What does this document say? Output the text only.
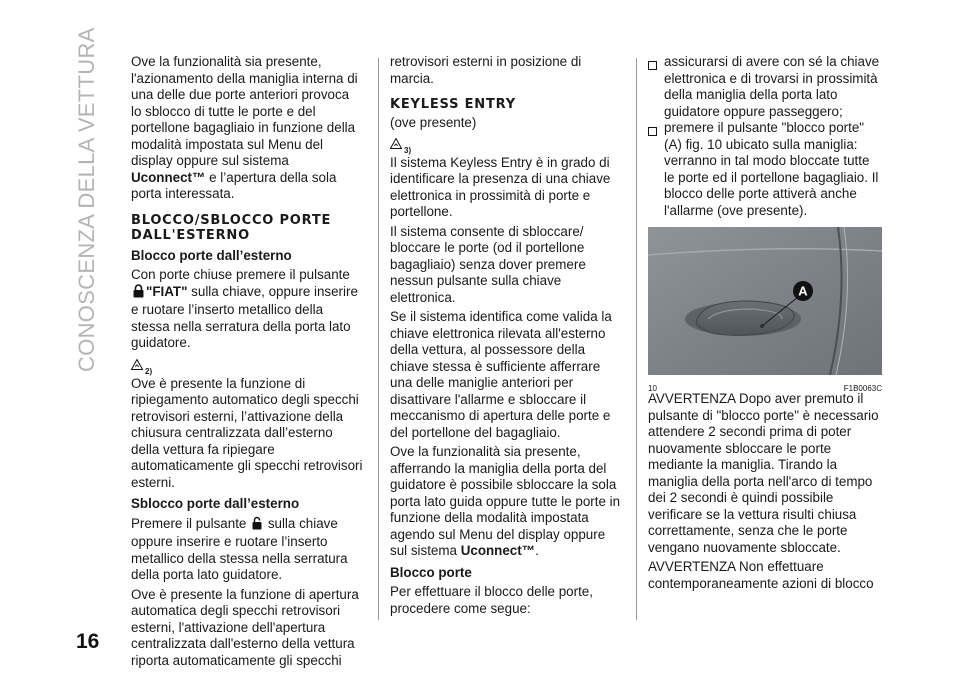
CONOSCENZA DELLA VETTURA
16

Ove la funzionalità sia presente, l'azionamento della maniglia interna di una delle due porte anteriori provoca lo sblocco di tutte le porte e del portellone bagagliaio in funzione della modalità impostata sul Menu del display oppure sul sistema Uconnect™ e l’apertura della sola porta interessata.

BLOCCO/SBLOCCO PORTE DALL'ESTERNO
Blocco porte dall’esterno

Con porte chiuse premere il pulsante "FIAT" sulla chiave, oppure inserire e ruotare l’inserto metallico della stessa nella serratura della porta lato guidatore.

2)

Ove è presente la funzione di ripiegamento automatico degli specchi retrovisori esterni, l’attivazione della chiusura centralizzata dall’esterno della vettura fa ripiegare automaticamente gli specchi retrovisori esterni.

Sblocco porte dall’esterno

Premere il pulsante  sulla chiave oppure inserire e ruotare l’inserto metallico della stessa nella serratura della porta lato guidatore.

Ove è presente la funzione di apertura automatica degli specchi retrovisori esterni, l'attivazione dell'apertura centralizzata dall'esterno della vettura riporta automaticamente gli specchi

retrovisori esterni in posizione di marcia.

KEYLESS ENTRY
(ove presente)
3)

Il sistema Keyless Entry è in grado di identificare la presenza di una chiave elettronica in prossimità di porte e portellone.

Il sistema consente di sbloccare/ bloccare le porte (od il portellone bagagliaio) senza dover premere nessun pulsante sulla chiave elettronica.

Se il sistema identifica come valida la chiave elettronica rilevata all'esterno della vettura, al possessore della chiave stessa è sufficiente afferrare una delle maniglie anteriori per disattivare l'allarme e sbloccare il meccanismo di apertura delle porte e del portellone del bagagliaio.

Ove la funzionalità sia presente, afferrando la maniglia della porta del guidatore è possibile sbloccare la sola porta lato guida oppure tutte le porte in funzione della modalità impostata agendo sul Menu del display oppure sul sistema Uconnect™.

Blocco porte

Per effettuare il blocco delle porte, procedere come segue:

assicurarsi di avere con sé la chiave elettronica e di trovarsi in prossimità della maniglia della porta lato guidatore oppure passeggero;
premere il pulsante "blocco porte" (A) fig. 10 ubicato sulla maniglia: verranno in tal modo bloccate tutte le porte ed il portellone bagagliaio. Il blocco delle porte attiverà anche l'allarme (ove presente).
A
10	F1B0063C

AVVERTENZA Dopo aver premuto il pulsante di "blocco porte" è necessario attendere 2 secondi prima di poter nuovamente sbloccare le porte mediante la maniglia. Tirando la maniglia della porta nell'arco di tempo dei 2 secondi è quindi possibile verificare se la vettura risulti chiusa correttamente, senza che le porte vengano nuovamente sbloccate.

AVVERTENZA Non effettuare contemporaneamente azioni di blocco
